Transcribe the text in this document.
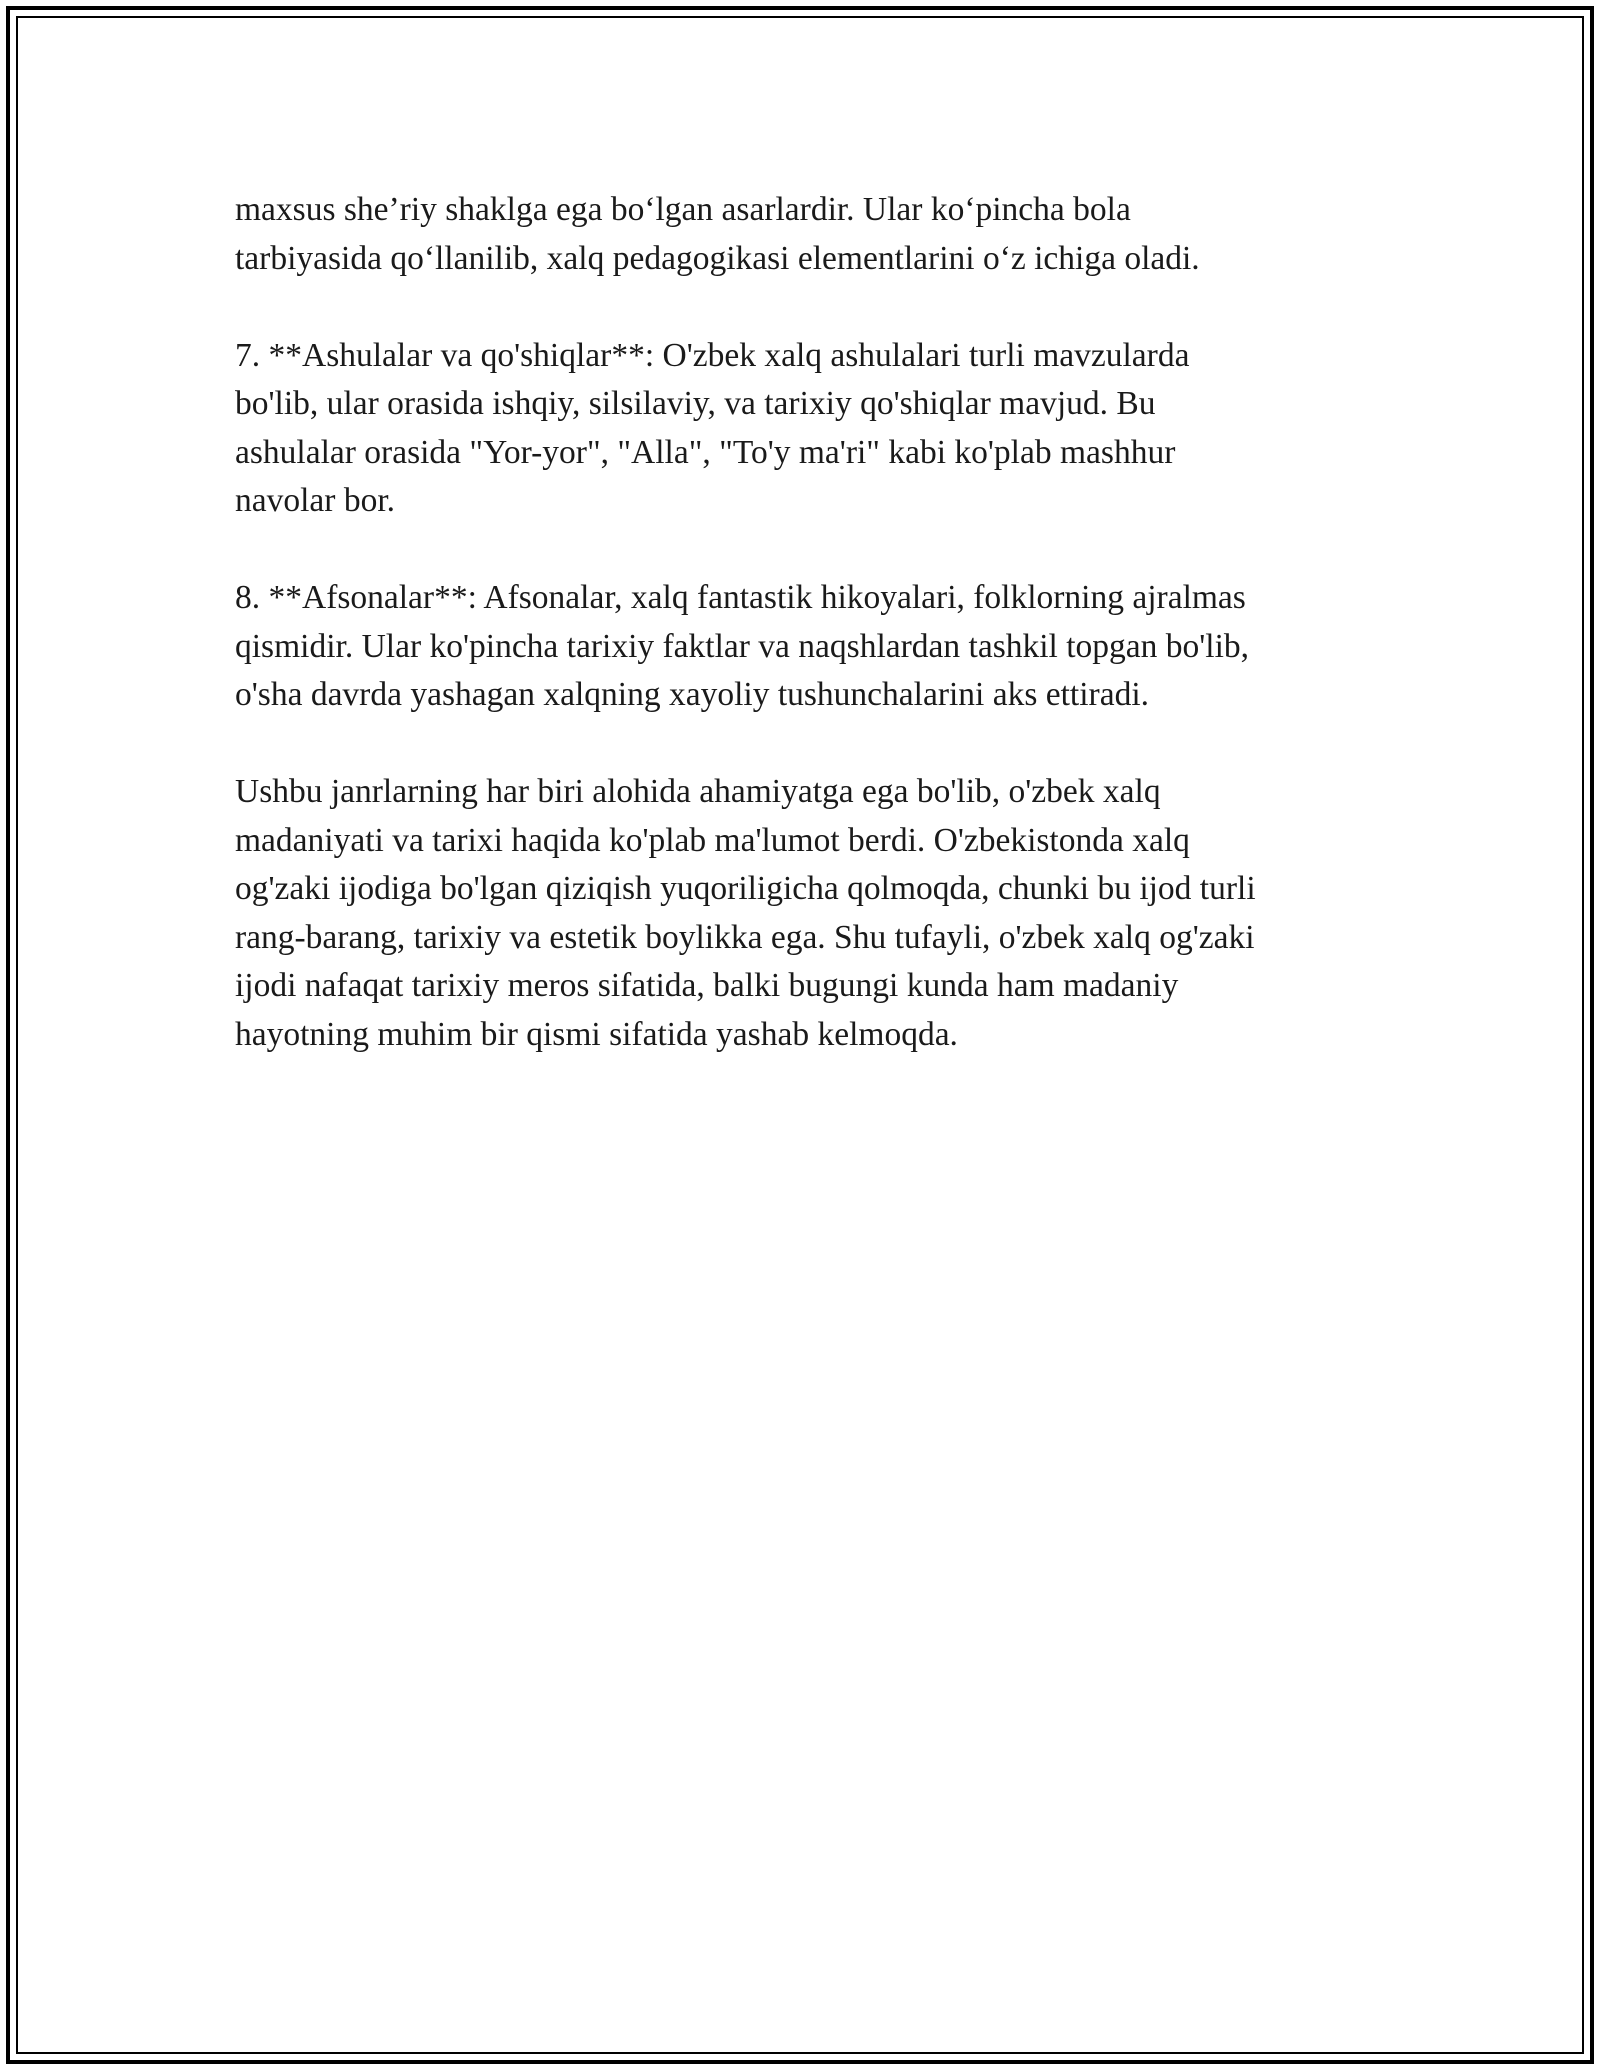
maxsus she’riy shaklga ega bo‘lgan asarlardir. Ular ko‘pincha bola
tarbiyasida qo‘llanilib, xalq pedagogikasi elementlarini o‘z ichiga oladi.

7. **Ashulalar va qo'shiqlar**: O'zbek xalq ashulalari turli mavzularda
bo'lib, ular orasida ishqiy, silsilaviy, va tarixiy qo'shiqlar mavjud. Bu
ashulalar orasida "Yor-yor", "Alla", "To'y ma'ri" kabi ko'plab mashhur
navolar bor.

8. **Afsonalar**: Afsonalar, xalq fantastik hikoyalari, folklorning ajralmas
qismidir. Ular ko'pincha tarixiy faktlar va naqshlardan tashkil topgan bo'lib,
o'sha davrda yashagan xalqning xayoliy tushunchalarini aks ettiradi.

Ushbu janrlarning har biri alohida ahamiyatga ega bo'lib, o'zbek xalq
madaniyati va tarixi haqida ko'plab ma'lumot berdi. O'zbekistonda xalq
og'zaki ijodiga bo'lgan qiziqish yuqoriligicha qolmoqda, chunki bu ijod turli
rang-barang, tarixiy va estetik boylikka ega. Shu tufayli, o'zbek xalq og'zaki
ijodi nafaqat tarixiy meros sifatida, balki bugungi kunda ham madaniy
hayotning muhim bir qismi sifatida yashab kelmoqda.
